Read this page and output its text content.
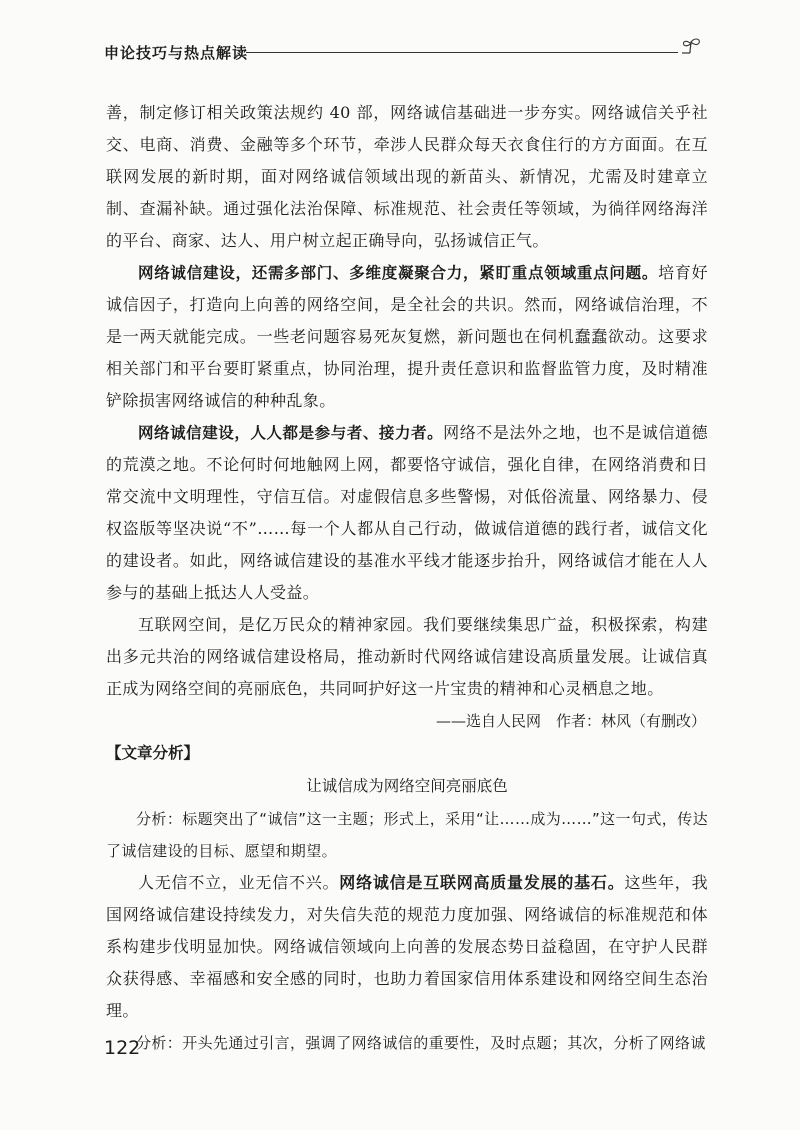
申论技巧与热点解读

善，制定修订相关政策法规约 40 部，网络诚信基础进一步夯实。网络诚信关乎社交、电商、消费、金融等多个环节，牵涉人民群众每天衣食住行的方方面面。在互联网发展的新时期，面对网络诚信领域出现的新苗头、新情况，尤需及时建章立制、查漏补缺。通过强化法治保障、标准规范、社会责任等领域，为徜徉网络海洋的平台、商家、达人、用户树立起正确导向，弘扬诚信正气。

网络诚信建设，还需多部门、多维度凝聚合力，紧盯重点领域重点问题。培育好诚信因子，打造向上向善的网络空间，是全社会的共识。然而，网络诚信治理，不是一两天就能完成。一些老问题容易死灰复燃，新问题也在伺机蠢蠢欲动。这要求相关部门和平台要盯紧重点，协同治理，提升责任意识和监督监管力度，及时精准铲除损害网络诚信的种种乱象。

网络诚信建设，人人都是参与者、接力者。网络不是法外之地，也不是诚信道德的荒漠之地。不论何时何地触网上网，都要恪守诚信，强化自律，在网络消费和日常交流中文明理性，守信互信。对虚假信息多些警惕，对低俗流量、网络暴力、侵权盗版等坚决说“不”……每一个人都从自己行动，做诚信道德的践行者，诚信文化的建设者。如此，网络诚信建设的基准水平线才能逐步抬升，网络诚信才能在人人参与的基础上抵达人人受益。

互联网空间，是亿万民众的精神家园。我们要继续集思广益，积极探索，构建出多元共治的网络诚信建设格局，推动新时代网络诚信建设高质量发展。让诚信真正成为网络空间的亮丽底色，共同呵护好这一片宝贵的精神和心灵栖息之地。

——选自人民网　作者：林风（有删改）

【文章分析】

让诚信成为网络空间亮丽底色

分析：标题突出了“诚信”这一主题；形式上，采用“让……成为……”这一句式，传达了诚信建设的目标、愿望和期望。

人无信不立，业无信不兴。网络诚信是互联网高质量发展的基石。这些年，我国网络诚信建设持续发力，对失信失范的规范力度加强、网络诚信的标准规范和体系构建步伐明显加快。网络诚信领域向上向善的发展态势日益稳固，在守护人民群众获得感、幸福感和安全感的同时，也助力着国家信用体系建设和网络空间生态治理。

分析：开头先通过引言，强调了网络诚信的重要性，及时点题；其次，分析了网络诚

122
